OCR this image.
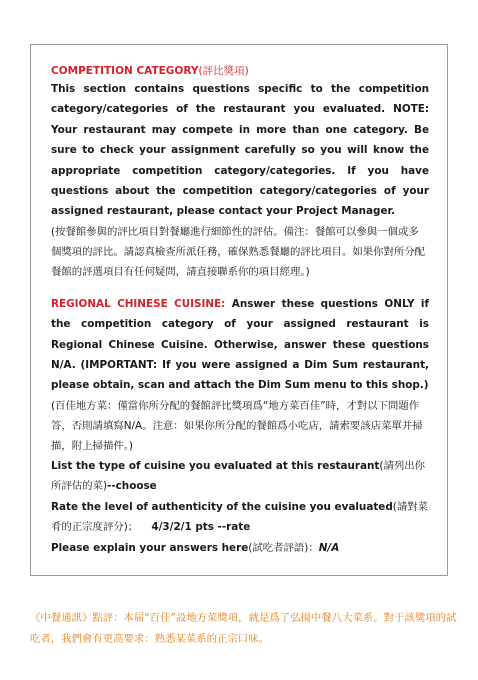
COMPETITION CATEGORY(評比獎項)
This section contains questions specific to the competition category/categories of the restaurant you evaluated. NOTE: Your restaurant may compete in more than one category. Be sure to check your assignment carefully so you will know the appropriate competition category/categories. If you have questions about the competition category/categories of your assigned restaurant, please contact your Project Manager.
(按餐館參與的評比項目對餐廳進行細節性的評估。備注：餐館可以參與一個或多個獎項的評比。請認真檢查所派任務，確保熟悉餐廳的評比項目。如果你對所分配餐館的評選項目有任何疑問，請直接聯系你的項目經理。)
REGIONAL CHINESE CUISINE: Answer these questions ONLY if the competition category of your assigned restaurant is Regional Chinese Cuisine. Otherwise, answer these questions N/A. (IMPORTANT: If you were assigned a Dim Sum restaurant, please obtain, scan and attach the Dim Sum menu to this shop.)
(百佳地方菜：僅當你所分配的餐館評比獎項爲“地方菜百佳”時，才對以下問題作答，否則請填寫N/A。注意：如果你所分配的餐館爲小吃店，請索要該店菜單并掃描，附上掃描件。)
List the type of cuisine you evaluated at this restaurant(請列出你所評估的菜)--choose
Rate the level of authenticity of the cuisine you evaluated(請對菜肴的正宗度評分)； 4/3/2/1 pts --rate
Please explain your answers here(試吃者評語)：N/A
《中餐通訊》點評：本届“百佳”設地方菜獎項，就是爲了弘揚中餐八大菜系。對于該獎項的試吃者，我們會有更高要求：熟悉某菜系的正宗口味。
